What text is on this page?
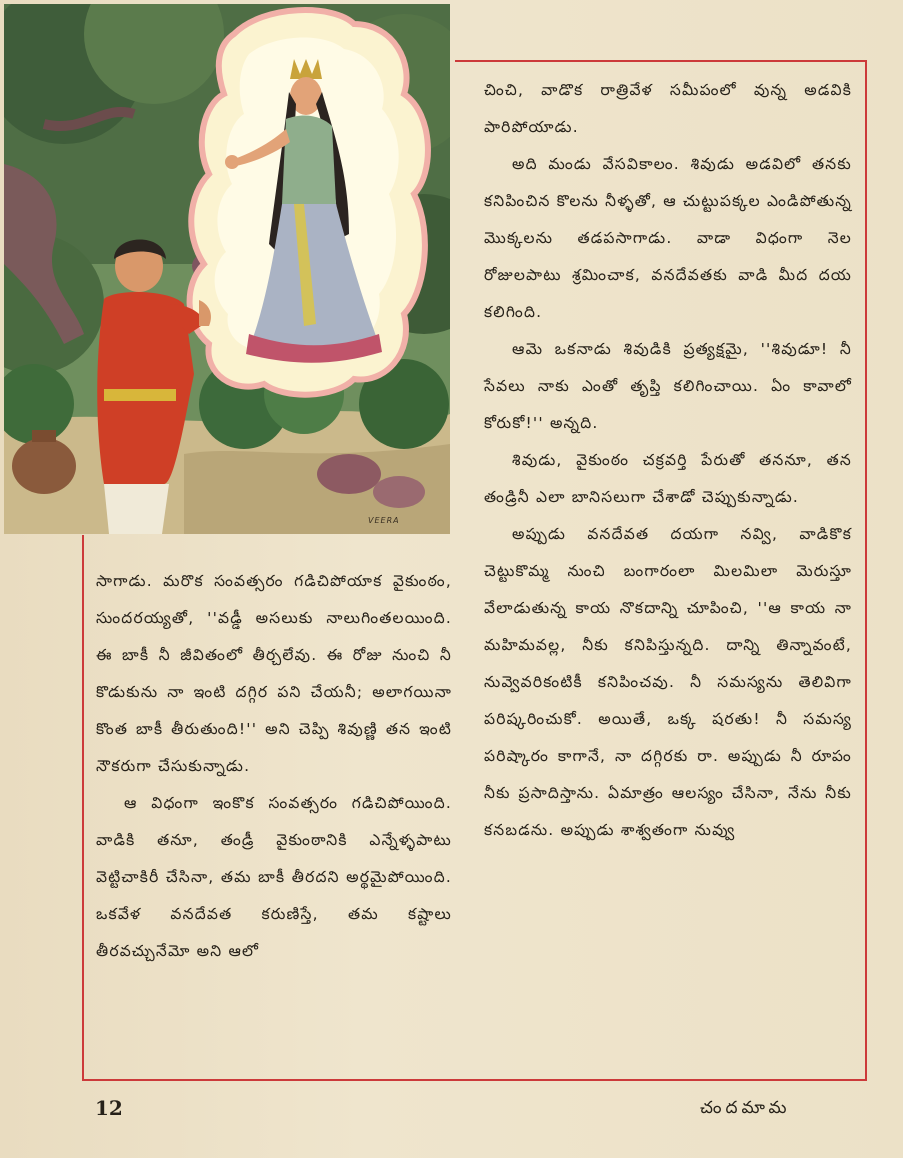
VEERA

చించి, వాడొక రాత్రివేళ సమీపంలో వున్న అడవికి పారిపోయాడు.

అది మండు వేసవికాలం. శివుడు అడవిలో తనకు కనిపించిన కొలను నీళ్ళతో, ఆ చుట్టుపక్కల ఎండిపోతున్న మొక్కలను తడపసాగాడు. వాడా విధంగా నెల రోజులపాటు శ్రమించాక, వనదేవతకు వాడి మీద దయ కలిగింది.

ఆమె ఒకనాడు శివుడికి ప్రత్యక్షమై, ''శివుడూ! నీ సేవలు నాకు ఎంతో తృప్తి కలిగించాయి. ఏం కావాలో కోరుకో!'' అన్నది.

శివుడు, వైకుంఠం చక్రవర్తి పేరుతో తననూ, తన తండ్రినీ ఎలా బానిసలుగా చేశాడో చెప్పుకున్నాడు.

అప్పుడు వనదేవత దయగా నవ్వి, వాడికొక చెట్టుకొమ్మ నుంచి బంగారంలా మిలమిలా మెరుస్తూ వేలాడుతున్న కాయ నొకదాన్ని చూపించి, ''ఆ కాయ నా మహిమవల్ల, నీకు కనిపిస్తున్నది. దాన్ని తిన్నావంటే, నువ్వెవరికంటికీ కనిపించవు. నీ సమస్యను తెలివిగా పరిష్కరించుకో. అయితే, ఒక్క షరతు! నీ సమస్య పరిష్కారం కాగానే, నా దగ్గిరకు రా. అప్పుడు నీ రూపం నీకు ప్రసాదిస్తాను. ఏమాత్రం ఆలస్యం చేసినా, నేను నీకు కనబడను. అప్పుడు శాశ్వతంగా నువ్వు

సాగాడు. మరొక సంవత్సరం గడిచిపోయాక వైకుంఠం, సుందరయ్యతో, ''వడ్డీ అసలుకు నాలుగింతలయింది. ఈ బాకీ నీ జీవితంలో తీర్చలేవు. ఈ రోజు నుంచి నీ కొడుకును నా ఇంటి దగ్గిర పని చేయనీ; అలాగయినా కొంత బాకీ తీరుతుంది!'' అని చెప్పి శివుణ్ణి తన ఇంటి నౌకరుగా చేసుకున్నాడు.

ఆ విధంగా ఇంకొక సంవత్సరం గడిచిపోయింది. వాడికి తనూ, తండ్రీ వైకుంఠానికి ఎన్నేళ్ళపాటు వెట్టిచాకిరీ చేసినా, తమ బాకీ తీరదని అర్థమైపోయింది. ఒకవేళ వనదేవత కరుణిస్తే, తమ కష్టాలు తీరవచ్చునేమో అని ఆలో

12	చందమామ
